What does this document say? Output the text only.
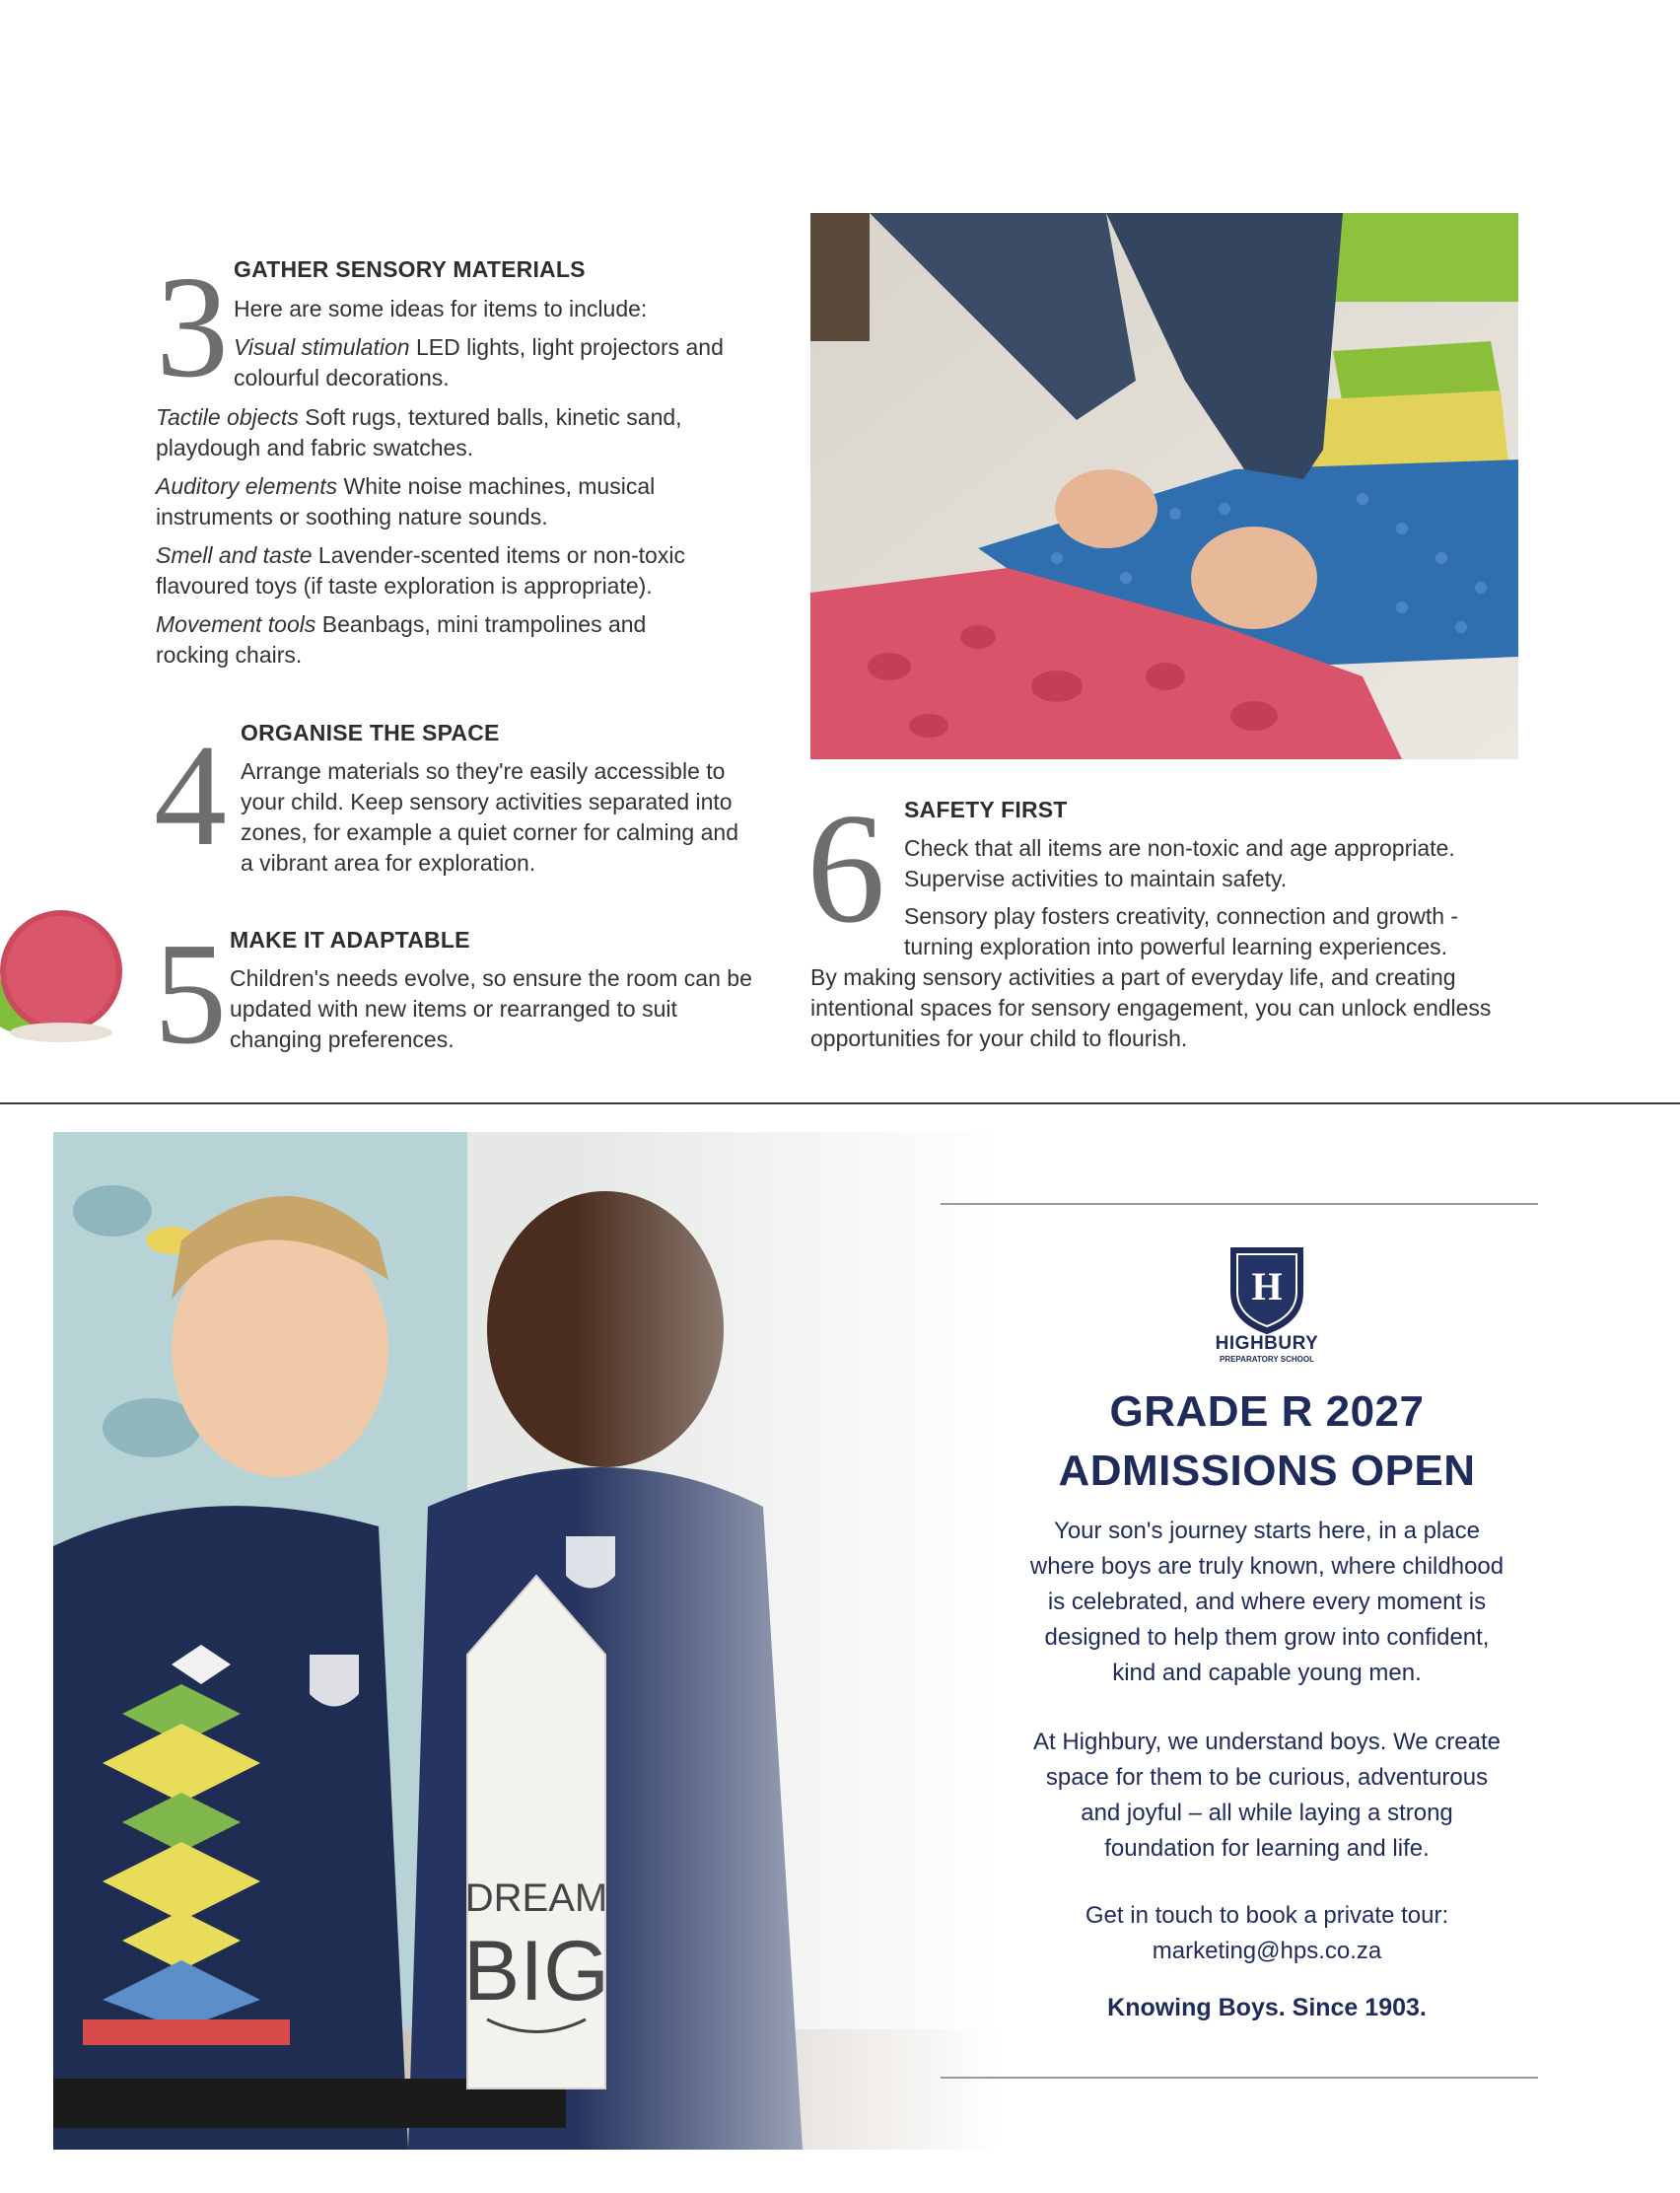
3 GATHER SENSORY MATERIALS
Here are some ideas for items to include:
Visual stimulation LED lights, light projectors and colourful decorations.
Tactile objects Soft rugs, textured balls, kinetic sand, playdough and fabric swatches.
Auditory elements White noise machines, musical instruments or soothing nature sounds.
Smell and taste Lavender-scented items or non-toxic flavoured toys (if taste exploration is appropriate).
Movement tools Beanbags, mini trampolines and rocking chairs.
4 ORGANISE THE SPACE
Arrange materials so they're easily accessible to your child. Keep sensory activities separated into zones, for example a quiet corner for calming and a vibrant area for exploration.
5 MAKE IT ADAPTABLE
Children's needs evolve, so ensure the room can be updated with new items or rearranged to suit changing preferences.
6 SAFETY FIRST
Check that all items are non-toxic and age appropriate. Supervise activities to maintain safety.
Sensory play fosters creativity, connection and growth - turning exploration into powerful learning experiences.
By making sensory activities a part of everyday life, and creating intentional spaces for sensory engagement, you can unlock endless opportunities for your child to flourish.
H
HIGHBURY
PREPARATORY SCHOOL
GRADE R 2027
ADMISSIONS OPEN
Your son's journey starts here, in a place
where boys are truly known, where childhood
is celebrated, and where every moment is
designed to help them grow into confident,
kind and capable young men.
At Highbury, we understand boys. We create
space for them to be curious, adventurous
and joyful – all while laying a strong
foundation for learning and life.
Get in touch to book a private tour:
marketing@hps.co.za
Knowing Boys. Since 1903.
